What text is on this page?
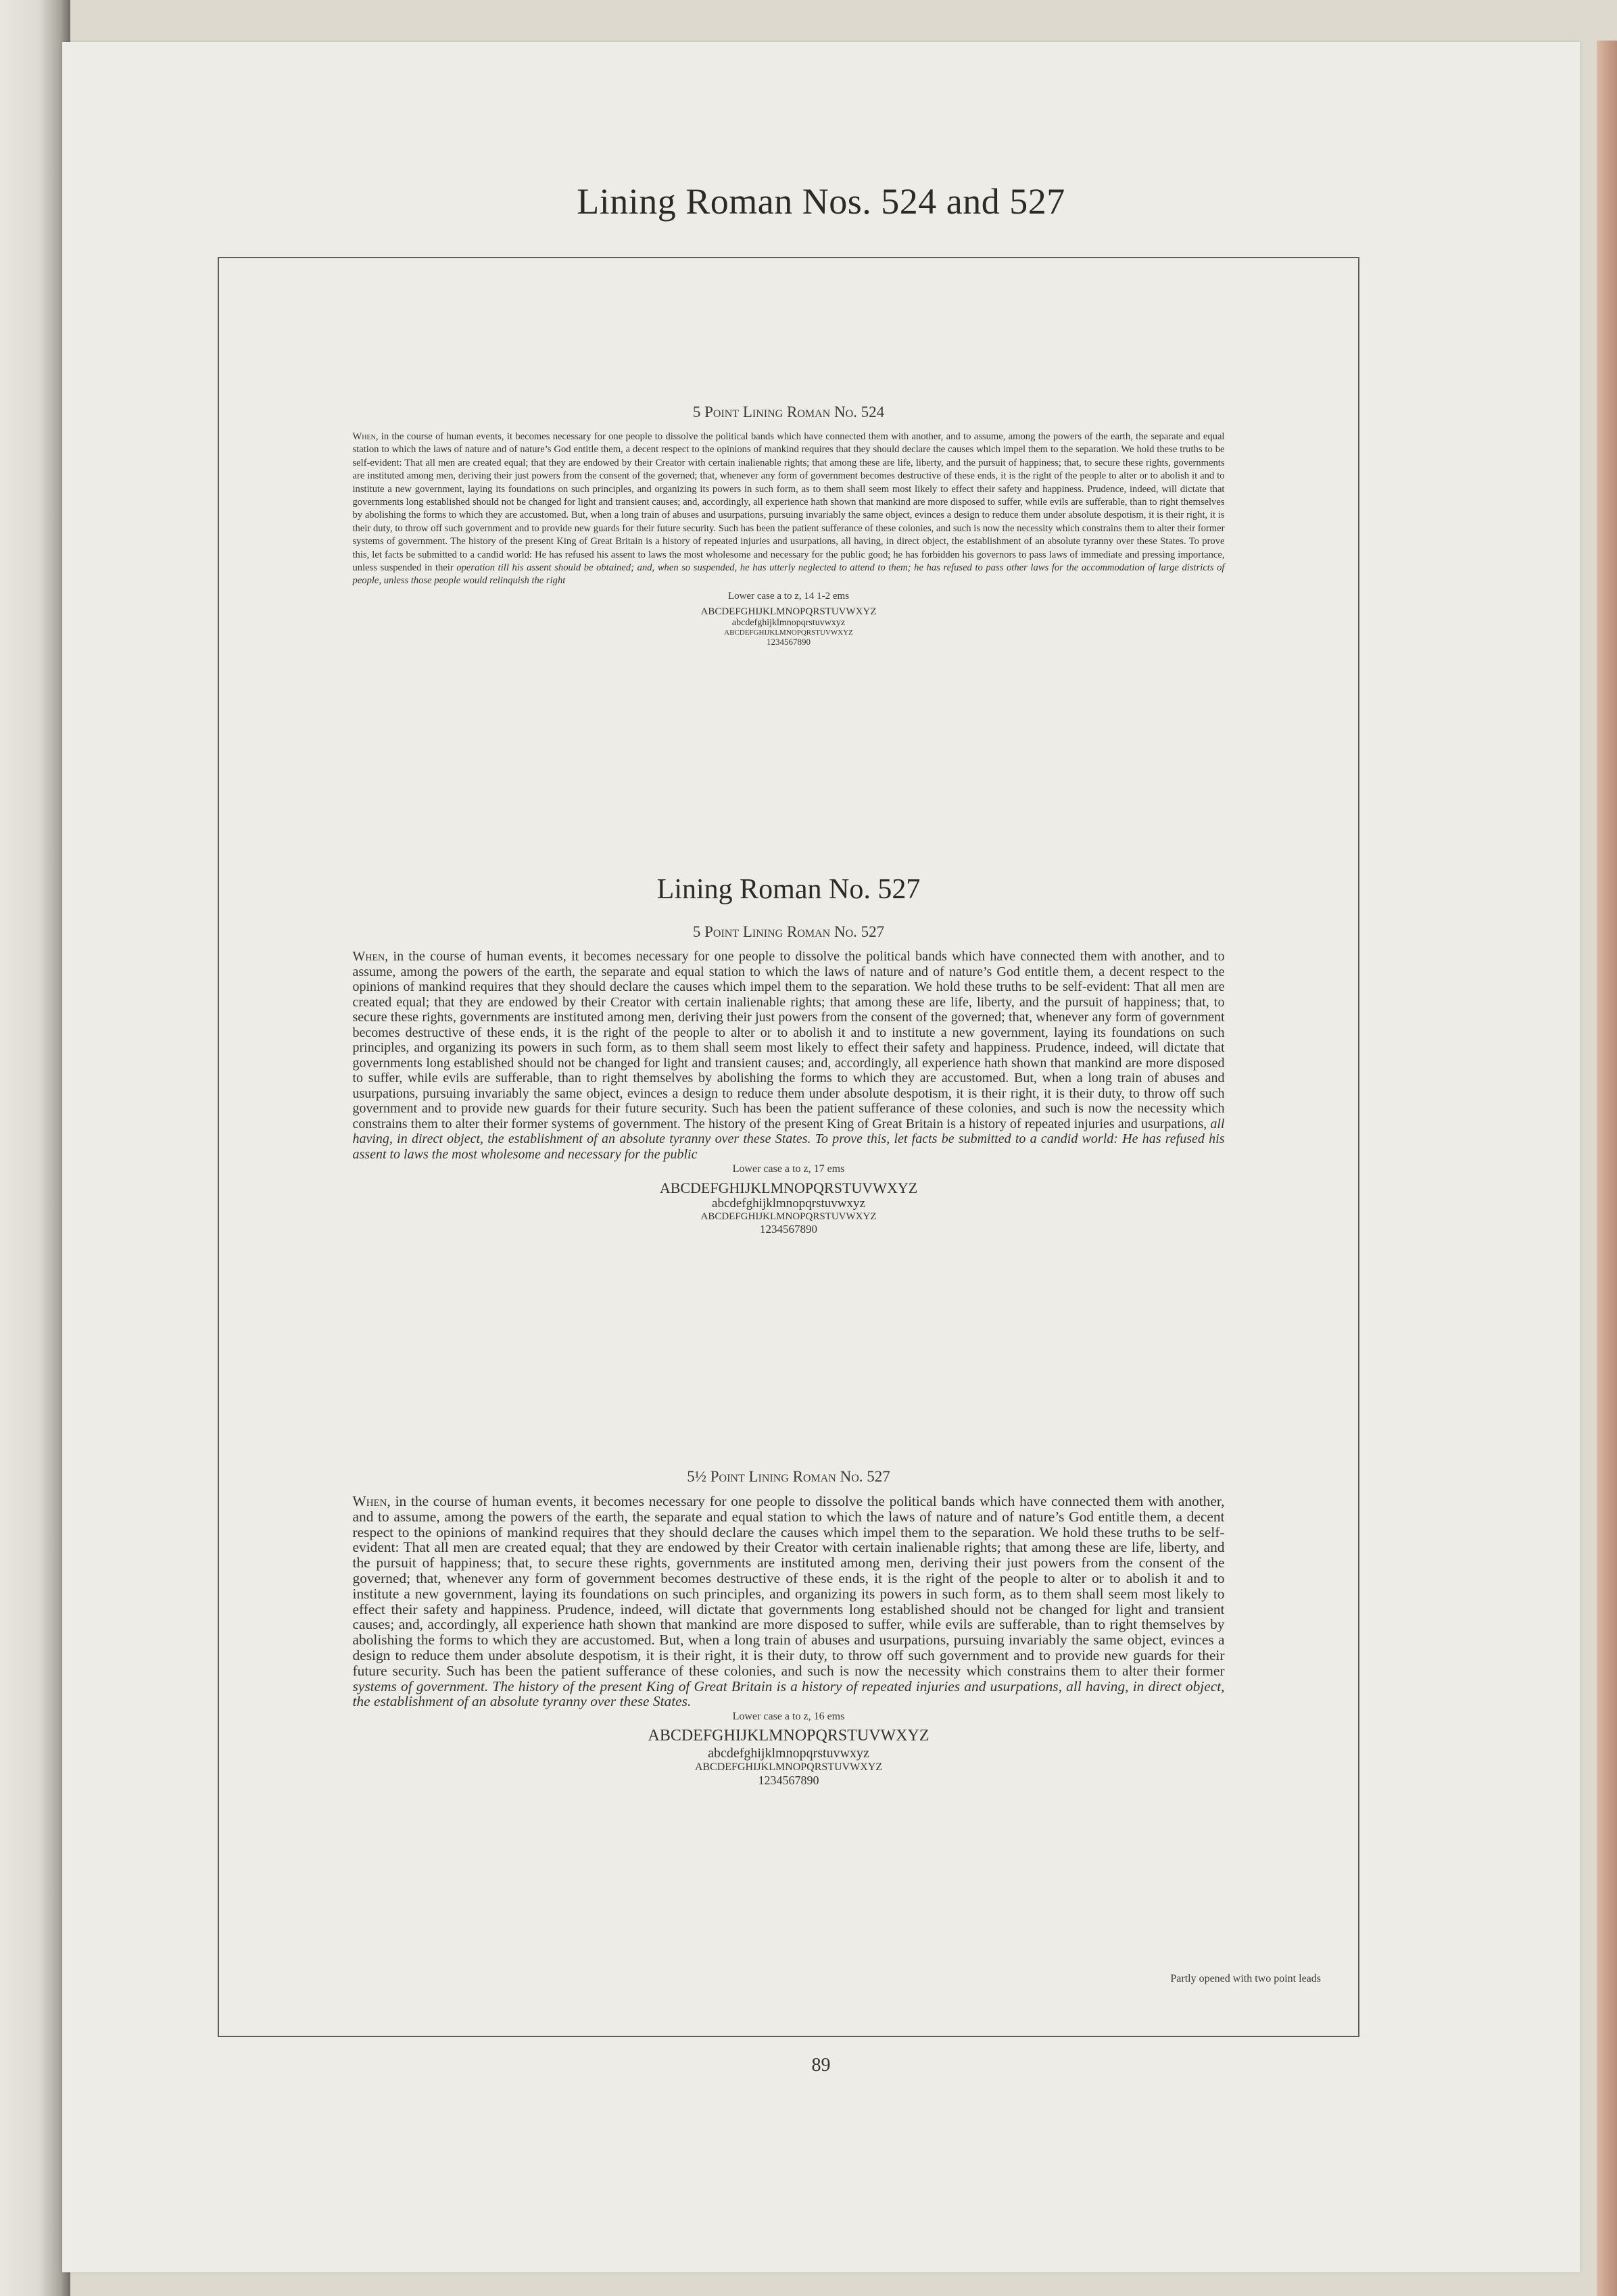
Lining Roman Nos. 524 and 527
5 Point Lining Roman No. 524
When, in the course of human events, it becomes necessary for one people to dissolve the political bands which have connected them with another, and to assume, among the powers of the earth, the separate and equal station to which the laws of nature and of nature’s God entitle them, a decent respect to the opinions of mankind requires that they should declare the causes which impel them to the separation. We hold these truths to be self-evident: That all men are created equal; that they are endowed by their Creator with certain inalienable rights; that among these are life, liberty, and the pursuit of happiness; that, to secure these rights, governments are instituted among men, deriving their just powers from the consent of the governed; that, whenever any form of government becomes destructive of these ends, it is the right of the people to alter or to abolish it and to institute a new government, laying its foundations on such principles, and organizing its powers in such form, as to them shall seem most likely to effect their safety and happiness. Prudence, indeed, will dictate that governments long established should not be changed for light and transient causes; and, accordingly, all experience hath shown that mankind are more disposed to suffer, while evils are sufferable, than to right themselves by abolishing the forms to which they are accustomed. But, when a long train of abuses and usurpations, pursuing invariably the same object, evinces a design to reduce them under absolute despotism, it is their right, it is their duty, to throw off such government and to provide new guards for their future security. Such has been the patient sufferance of these colonies, and such is now the necessity which constrains them to alter their former systems of government. The history of the present King of Great Britain is a history of repeated injuries and usurpations, all having, in direct object, the establishment of an absolute tyranny over these States. To prove this, let facts be submitted to a candid world: He has refused his assent to laws the most wholesome and necessary for the public good; he has forbidden his governors to pass laws of immediate and pressing importance, unless suspended in their operation till his assent should be obtained; and, when so suspended, he has utterly neglected to attend to them; he has refused to pass other laws for the accommodation of large districts of people, unless those people would relinquish the right
Lower case a to z, 14 1-2 ems
ABCDEFGHIJKLMNOPQRSTUVWXYZ
abcdefghijklmnopqrstuvwxyz
ABCDEFGHIJKLMNOPQRSTUVWXYZ
1234567890
Lining Roman No. 527
5 Point Lining Roman No. 527
When, in the course of human events, it becomes necessary for one people to dissolve the political bands which have connected them with another, and to assume, among the powers of the earth, the separate and equal station to which the laws of nature and of nature’s God entitle them, a decent respect to the opinions of mankind requires that they should declare the causes which impel them to the separation. We hold these truths to be self-evident: That all men are created equal; that they are endowed by their Creator with certain inalienable rights; that among these are life, liberty, and the pursuit of happiness; that, to secure these rights, governments are instituted among men, deriving their just powers from the consent of the governed; that, whenever any form of government becomes destructive of these ends, it is the right of the people to alter or to abolish it and to institute a new government, laying its foundations on such principles, and organizing its powers in such form, as to them shall seem most likely to effect their safety and happiness. Prudence, indeed, will dictate that governments long established should not be changed for light and transient causes; and, accordingly, all experience hath shown that mankind are more disposed to suffer, while evils are sufferable, than to right themselves by abolishing the forms to which they are accustomed. But, when a long train of abuses and usurpations, pursuing invariably the same object, evinces a design to reduce them under absolute despotism, it is their right, it is their duty, to throw off such government and to provide new guards for their future security. Such has been the patient sufferance of these colonies, and such is now the necessity which constrains them to alter their former systems of government. The history of the present King of Great Britain is a history of repeated injuries and usurpations, all having, in direct object, the establishment of an absolute tyranny over these States. To prove this, let facts be submitted to a candid world: He has refused his assent to laws the most wholesome and necessary for the public
Lower case a to z, 17 ems
ABCDEFGHIJKLMNOPQRSTUVWXYZ
abcdefghijklmnopqrstuvwxyz
ABCDEFGHIJKLMNOPQRSTUVWXYZ
1234567890
5½ Point Lining Roman No. 527
When, in the course of human events, it becomes necessary for one people to dissolve the political bands which have connected them with another, and to assume, among the powers of the earth, the separate and equal station to which the laws of nature and of nature’s God entitle them, a decent respect to the opinions of mankind requires that they should declare the causes which impel them to the separation. We hold these truths to be self-evident: That all men are created equal; that they are endowed by their Creator with certain inalienable rights; that among these are life, liberty, and the pursuit of happiness; that, to secure these rights, governments are instituted among men, deriving their just powers from the consent of the governed; that, whenever any form of government becomes destructive of these ends, it is the right of the people to alter or to abolish it and to institute a new government, laying its foundations on such principles, and organizing its powers in such form, as to them shall seem most likely to effect their safety and happiness. Prudence, indeed, will dictate that governments long established should not be changed for light and transient causes; and, accordingly, all experience hath shown that mankind are more disposed to suffer, while evils are sufferable, than to right themselves by abolishing the forms to which they are accustomed. But, when a long train of abuses and usurpations, pursuing invariably the same object, evinces a design to reduce them under absolute despotism, it is their right, it is their duty, to throw off such government and to provide new guards for their future security. Such has been the patient sufferance of these colonies, and such is now the necessity which constrains them to alter their former systems of government. The history of the present King of Great Britain is a history of repeated injuries and usurpations, all having, in direct object, the establishment of an absolute tyranny over these States.
Lower case a to z, 16 ems
ABCDEFGHIJKLMNOPQRSTUVWXYZ
abcdefghijklmnopqrstuvwxyz
ABCDEFGHIJKLMNOPQRSTUVWXYZ
1234567890
Partly opened with two point leads
89
